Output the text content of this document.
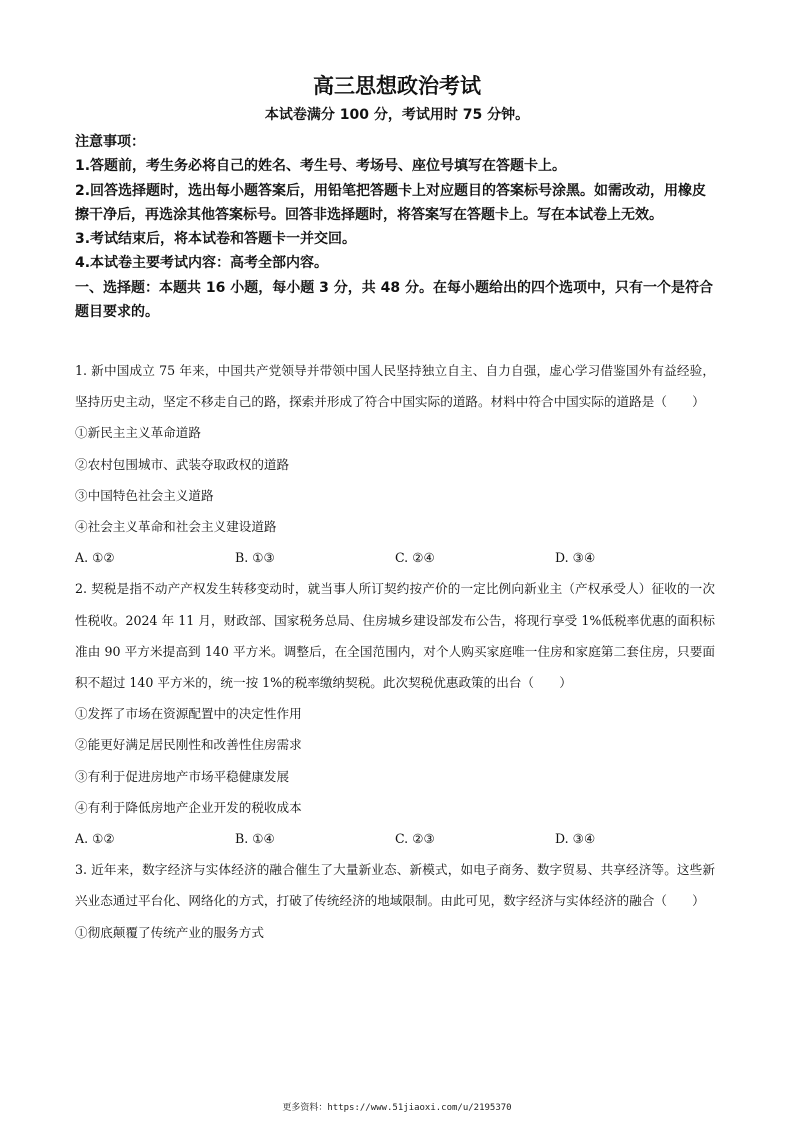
高三思想政治考试
本试卷满分 100 分，考试用时 75 分钟。

注意事项：

1.答题前，考生务必将自己的姓名、考生号、考场号、座位号填写在答题卡上。

2.回答选择题时，选出每小题答案后，用铅笔把答题卡上对应题目的答案标号涂黑。如需改动，用橡皮擦干净后，再选涂其他答案标号。回答非选择题时，将答案写在答题卡上。写在本试卷上无效。

3.考试结束后，将本试卷和答题卡一并交回。

4.本试卷主要考试内容：高考全部内容。

一、选择题：本题共 16 小题，每小题 3 分，共 48 分。在每小题给出的四个选项中，只有一个是符合题目要求的。

1. 新中国成立 75 年来，中国共产党领导并带领中国人民坚持独立自主、自力自强，虚心学习借鉴国外有益经验，坚持历史主动，坚定不移走自己的路，探索并形成了符合中国实际的道路。材料中符合中国实际的道路是（　　）

①新民主主义革命道路

②农村包围城市、武装夺取政权的道路

③中国特色社会主义道路

④社会主义革命和社会主义建设道路

A. ①②	B. ①③	C. ②④	D. ③④

2. 契税是指不动产产权发生转移变动时，就当事人所订契约按产价的一定比例向新业主（产权承受人）征收的一次性税收。2024 年 11 月，财政部、国家税务总局、住房城乡建设部发布公告，将现行享受 1%低税率优惠的面积标准由 90 平方米提高到 140 平方米。调整后，在全国范围内，对个人购买家庭唯一住房和家庭第二套住房，只要面积不超过 140 平方米的，统一按 1%的税率缴纳契税。此次契税优惠政策的出台（　　）

①发挥了市场在资源配置中的决定性作用

②能更好满足居民刚性和改善性住房需求

③有利于促进房地产市场平稳健康发展

④有利于降低房地产企业开发的税收成本

A. ①②	B. ①④	C. ②③	D. ③④

3. 近年来，数字经济与实体经济的融合催生了大量新业态、新模式，如电子商务、数字贸易、共享经济等。这些新兴业态通过平台化、网络化的方式，打破了传统经济的地域限制。由此可见，数字经济与实体经济的融合（　　）

①彻底颠覆了传统产业的服务方式

更多资料：https://www.51jiaoxi.com/u/2195370
